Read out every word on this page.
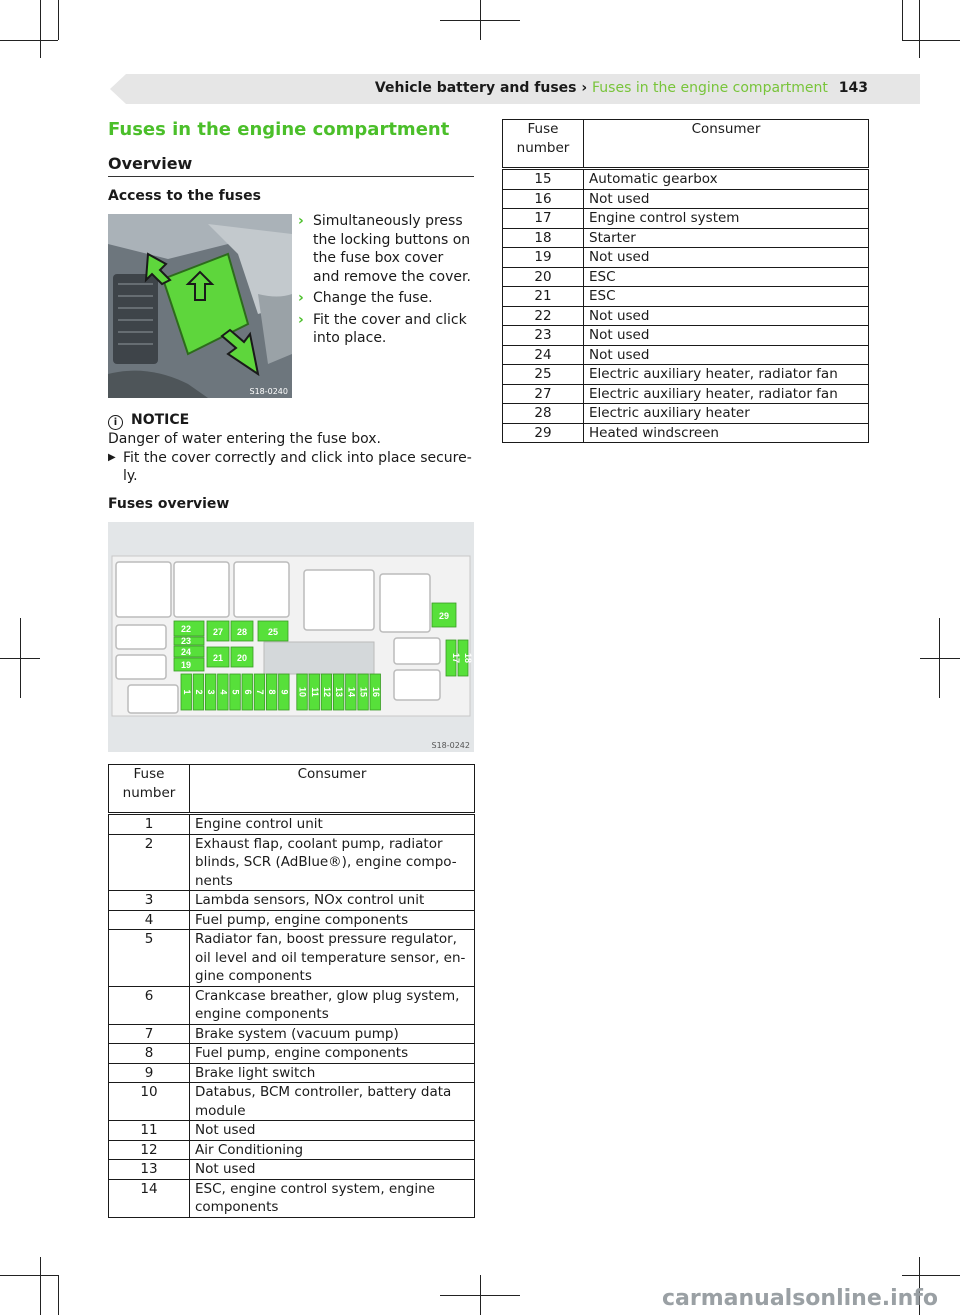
Vehicle battery and fuses › Fuses in the engine compartment 143
Fuses in the engine compartment
Overview
Access to the fuses
S18-0240
› Simultaneously press the locking buttons on the fuse box cover and remove the cover.
› Change the fuse.
› Fit the cover and click into place.
i NOTICE
Danger of water entering the fuse box.
▶ Fit the cover correctly and click into place secure-ly.
Fuses overview
22
23
24
19
27 28 25
21 20
29
17 18
1 2 3 4 5 6 7 8 9 10 11 12 13 14 15 16
S18-0242
Fuse number	Consumer
1	Engine control unit
2	Exhaust flap, coolant pump, radiator blinds, SCR (AdBlue®), engine compo-nents
3	Lambda sensors, NOx control unit
4	Fuel pump, engine components
5	Radiator fan, boost pressure regulator, oil level and oil temperature sensor, en-gine components
6	Crankcase breather, glow plug system, engine components
7	Brake system (vacuum pump)
8	Fuel pump, engine components
9	Brake light switch
10	Databus, BCM controller, battery data module
11	Not used
12	Air Conditioning
13	Not used
14	ESC, engine control system, engine components
Fuse number	Consumer
15	Automatic gearbox
16	Not used
17	Engine control system
18	Starter
19	Not used
20	ESC
21	ESC
22	Not used
23	Not used
24	Not used
25	Electric auxiliary heater, radiator fan
27	Electric auxiliary heater, radiator fan
28	Electric auxiliary heater
29	Heated windscreen
carmanualsonline.info
